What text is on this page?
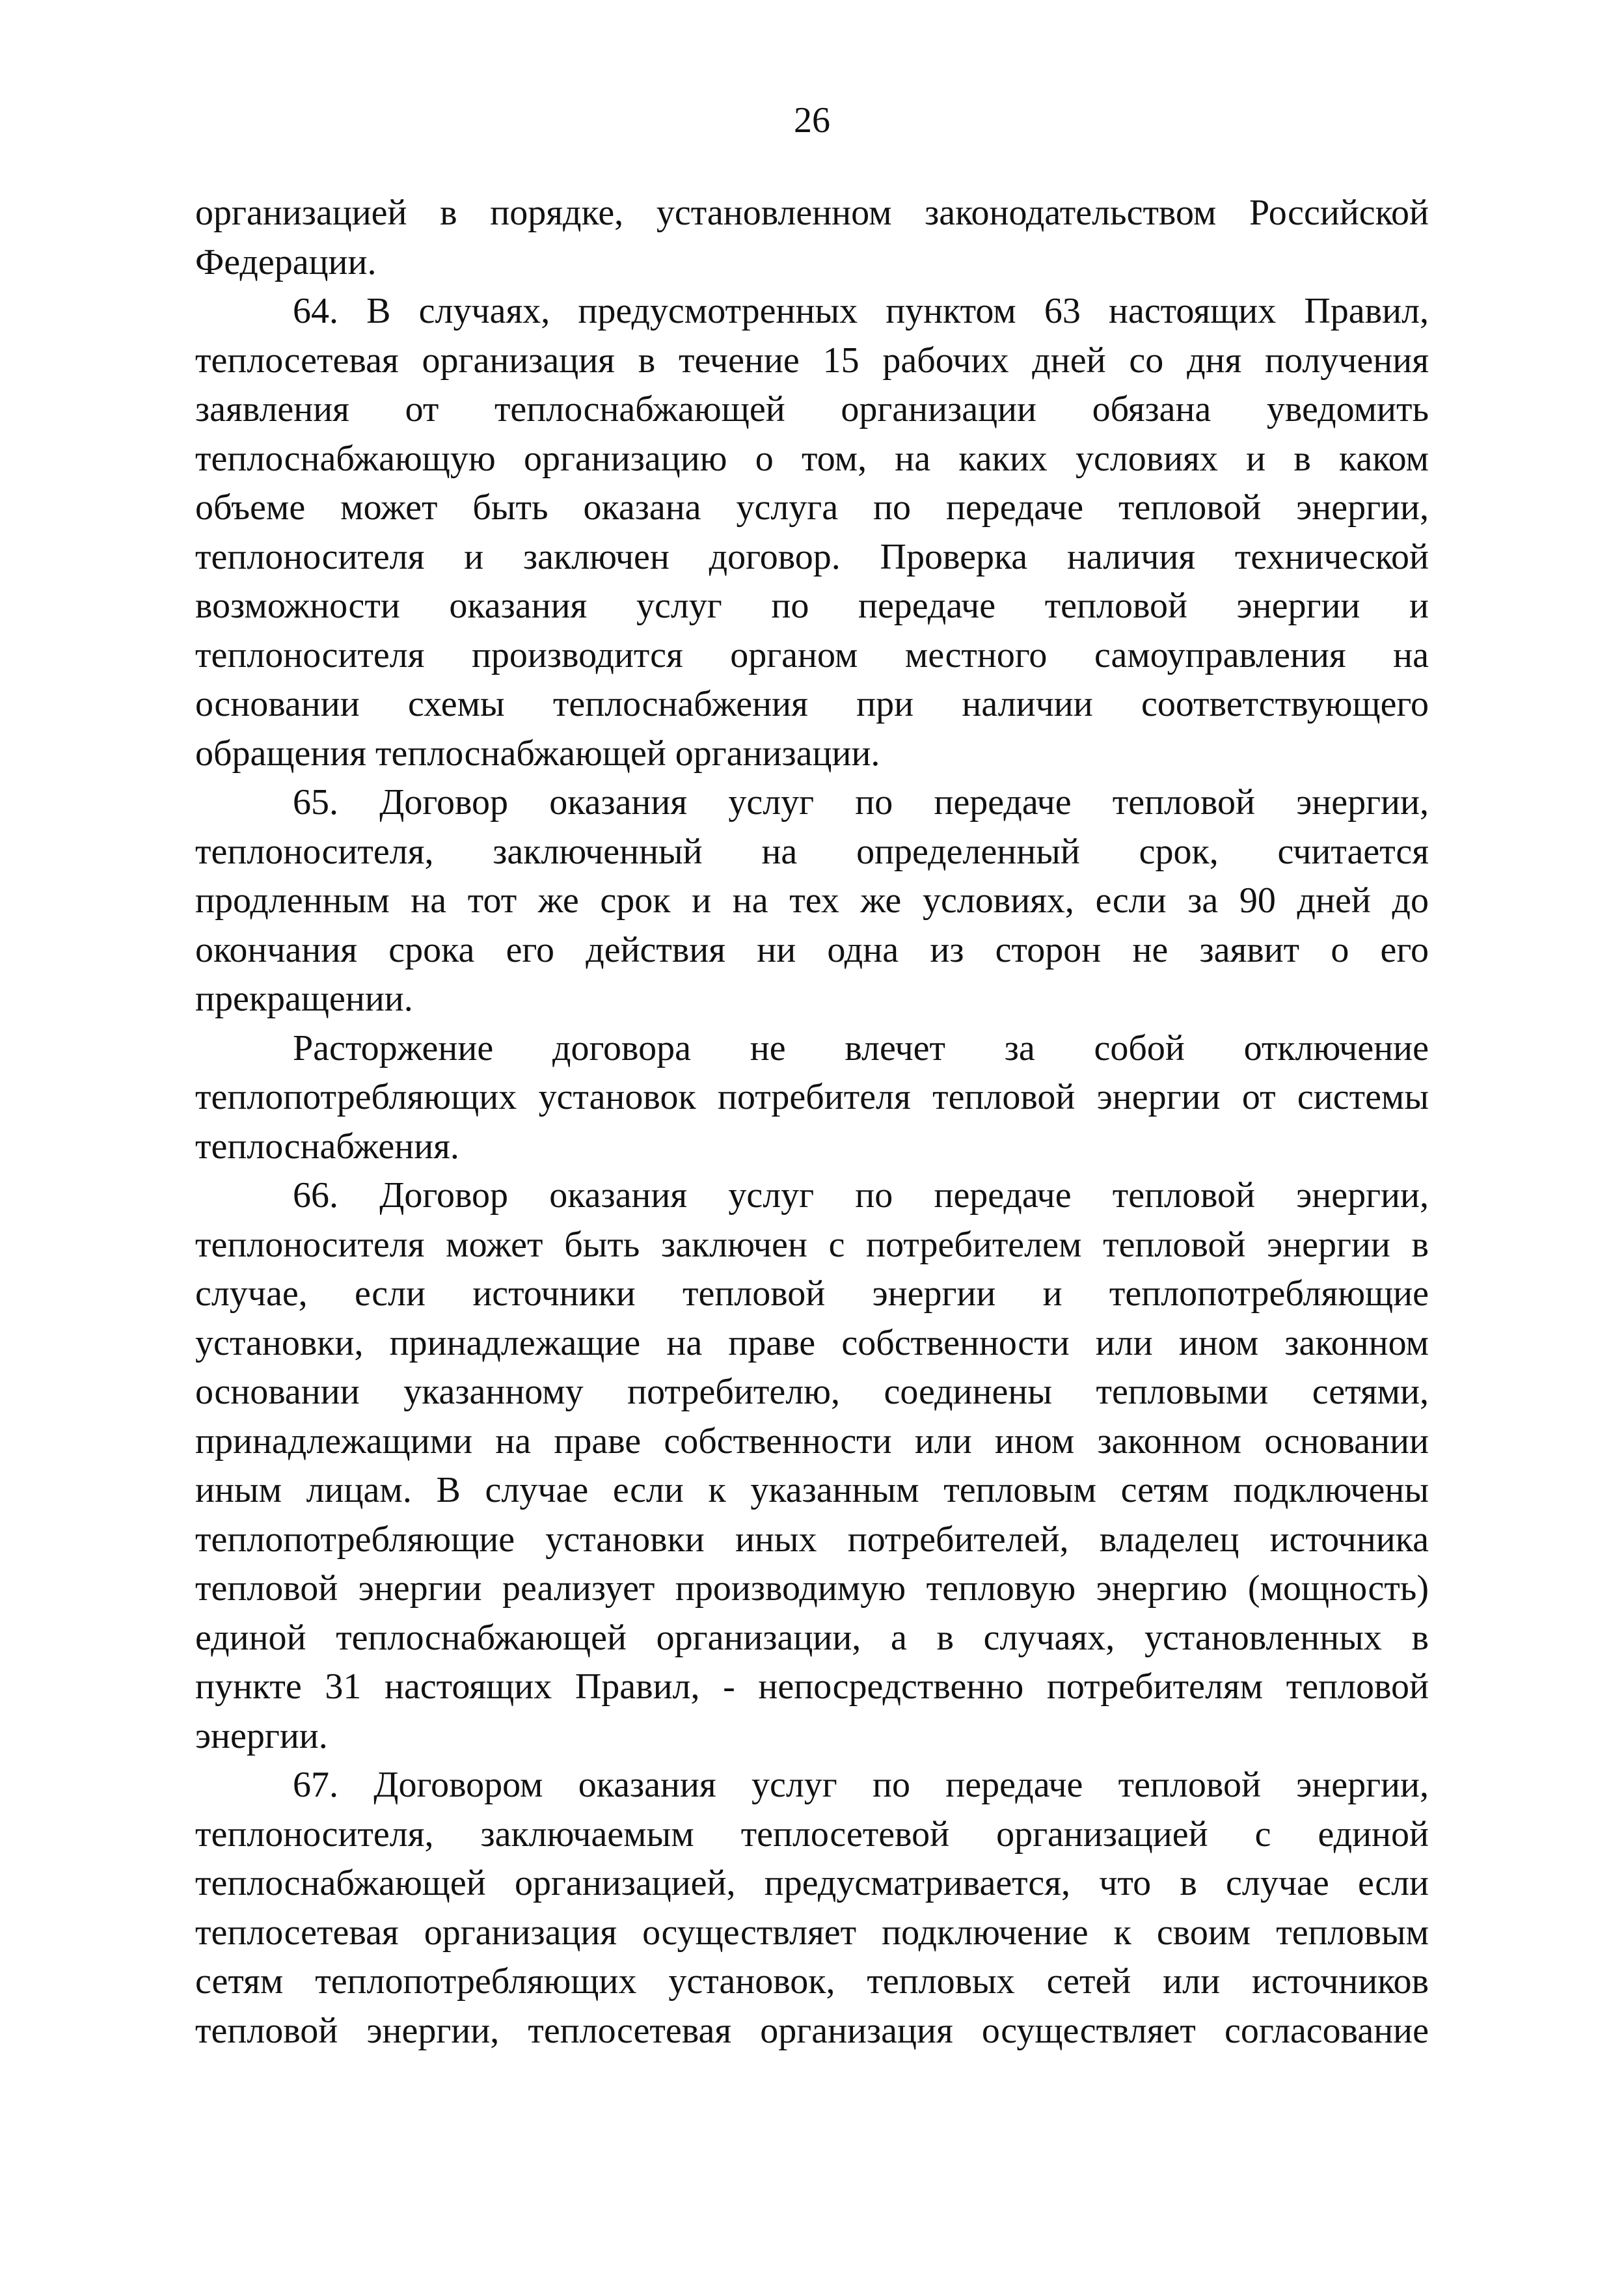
26
организацией в порядке, установленном законодательством Российской
Федерации.
64. В случаях, предусмотренных пунктом 63 настоящих Правил,
теплосетевая организация в течение 15 рабочих дней со дня получения
заявления от теплоснабжающей организации обязана уведомить
теплоснабжающую организацию о том, на каких условиях и в каком
объеме может быть оказана услуга по передаче тепловой энергии,
теплоносителя и заключен договор. Проверка наличия технической
возможности оказания услуг по передаче тепловой энергии и
теплоносителя производится органом местного самоуправления на
основании схемы теплоснабжения при наличии соответствующего
обращения теплоснабжающей организации.
65. Договор оказания услуг по передаче тепловой энергии,
теплоносителя, заключенный на определенный срок, считается
продленным на тот же срок и на тех же условиях, если за 90 дней до
окончания срока его действия ни одна из сторон не заявит о его
прекращении.
Расторжение договора не влечет за собой отключение
теплопотребляющих установок потребителя тепловой энергии от системы
теплоснабжения.
66. Договор оказания услуг по передаче тепловой энергии,
теплоносителя может быть заключен с потребителем тепловой энергии в
случае, если источники тепловой энергии и теплопотребляющие
установки, принадлежащие на праве собственности или ином законном
основании указанному потребителю, соединены тепловыми сетями,
принадлежащими на праве собственности или ином законном основании
иным лицам. В случае если к указанным тепловым сетям подключены
теплопотребляющие установки иных потребителей, владелец источника
тепловой энергии реализует производимую тепловую энергию (мощность)
единой теплоснабжающей организации, а в случаях, установленных в
пункте 31 настоящих Правил, - непосредственно потребителям тепловой
энергии.
67. Договором оказания услуг по передаче тепловой энергии,
теплоносителя, заключаемым теплосетевой организацией с единой
теплоснабжающей организацией, предусматривается, что в случае если
теплосетевая организация осуществляет подключение к своим тепловым
сетям теплопотребляющих установок, тепловых сетей или источников
тепловой энергии, теплосетевая организация осуществляет согласование
